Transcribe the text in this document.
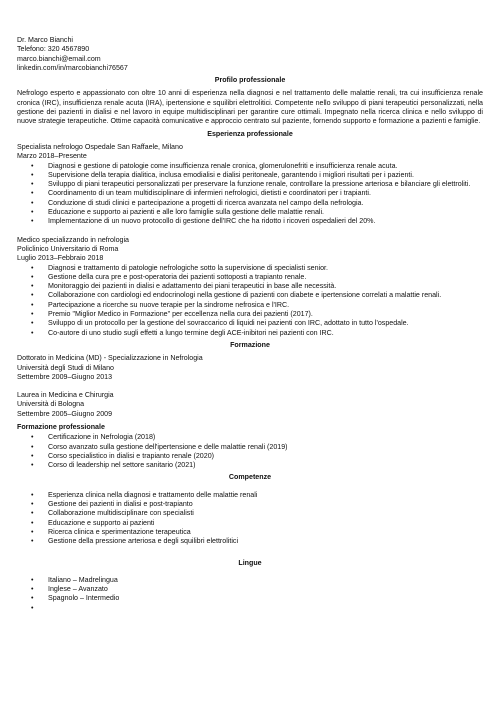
Dr. Marco Bianchi
Telefono: 320 4567890
marco.bianchi@email.com
linkedin.com/in/marcobianchi76567
Profilo professionale
Nefrologo esperto e appassionato con oltre 10 anni di esperienza nella diagnosi e nel trattamento delle malattie renali, tra cui insufficienza renale cronica (IRC), insufficienza renale acuta (IRA), ipertensione e squilibri elettrolitici. Competente nello sviluppo di piani terapeutici personalizzati, nella gestione dei pazienti in dialisi e nel lavoro in equipe multidisciplinari per garantire cure ottimali. Impegnato nella ricerca clinica e nello sviluppo di nuove strategie terapeutiche. Ottime capacità comunicative e approccio centrato sul paziente, fornendo supporto e formazione a pazienti e famiglie.
Esperienza professionale
Specialista nefrologo Ospedale San Raffaele, Milano
Marzo 2018–Presente
• Diagnosi e gestione di patologie come insufficienza renale cronica, glomerulonefriti e insufficienza renale acuta.
• Supervisione della terapia dialitica, inclusa emodialisi e dialisi peritoneale, garantendo i migliori risultati per i pazienti.
• Sviluppo di piani terapeutici personalizzati per preservare la funzione renale, controllare la pressione arteriosa e bilanciare gli elettroliti.
• Coordinamento di un team multidisciplinare di infermieri nefrologici, dietisti e coordinatori per i trapianti.
• Conduzione di studi clinici e partecipazione a progetti di ricerca avanzata nel campo della nefrologia.
• Educazione e supporto ai pazienti e alle loro famiglie sulla gestione delle malattie renali.
• Implementazione di un nuovo protocollo di gestione dell'IRC che ha ridotto i ricoveri ospedalieri del 20%.
Medico specializzando in nefrologia
Policlinico Universitario di Roma
Luglio 2013–Febbraio 2018
• Diagnosi e trattamento di patologie nefrologiche sotto la supervisione di specialisti senior.
• Gestione della cura pre e post-operatoria dei pazienti sottoposti a trapianto renale.
• Monitoraggio dei pazienti in dialisi e adattamento dei piani terapeutici in base alle necessità.
• Collaborazione con cardiologi ed endocrinologi nella gestione di pazienti con diabete e ipertensione correlati a malattie renali.
• Partecipazione a ricerche su nuove terapie per la sindrome nefrosica e l'IRC.
• Premio "Miglior Medico in Formazione" per eccellenza nella cura dei pazienti (2017).
• Sviluppo di un protocollo per la gestione del sovraccarico di liquidi nei pazienti con IRC, adottato in tutto l'ospedale.
• Co-autore di uno studio sugli effetti a lungo termine degli ACE-inibitori nei pazienti con IRC.
Formazione
Dottorato in Medicina (MD) - Specializzazione in Nefrologia
Università degli Studi di Milano
Settembre 2009–Giugno 2013
Laurea in Medicina e Chirurgia
Università di Bologna
Settembre 2005–Giugno 2009
Formazione professionale
• Certificazione in Nefrologia (2018)
• Corso avanzato sulla gestione dell'ipertensione e delle malattie renali (2019)
• Corso specialistico in dialisi e trapianto renale (2020)
• Corso di leadership nel settore sanitario (2021)
Competenze
• Esperienza clinica nella diagnosi e trattamento delle malattie renali
• Gestione dei pazienti in dialisi e post-trapianto
• Collaborazione multidisciplinare con specialisti
• Educazione e supporto ai pazienti
• Ricerca clinica e sperimentazione terapeutica
• Gestione della pressione arteriosa e degli squilibri elettrolitici
Lingue
• Italiano – Madrelingua
• Inglese – Avanzato
• Spagnolo – Intermedio
•
